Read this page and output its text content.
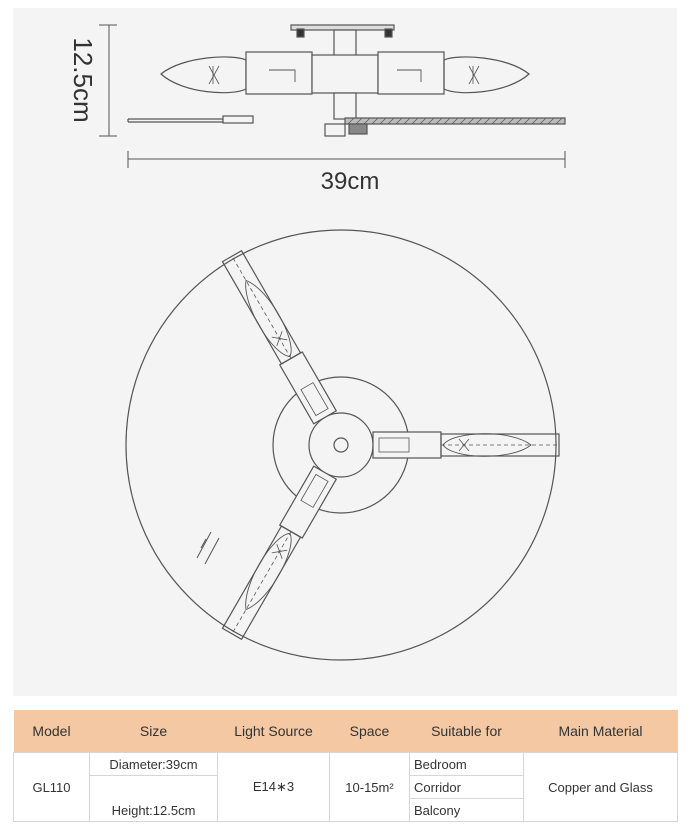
12.5cm
39cm
Model	Size	Light Source	Space	Suitable for	Main Material
GL110	Diameter:39cm	E14∗3	10-15m²	Bedroom	Copper and Glass
	Height:12.5cm			Corridor	
				Balcony	
